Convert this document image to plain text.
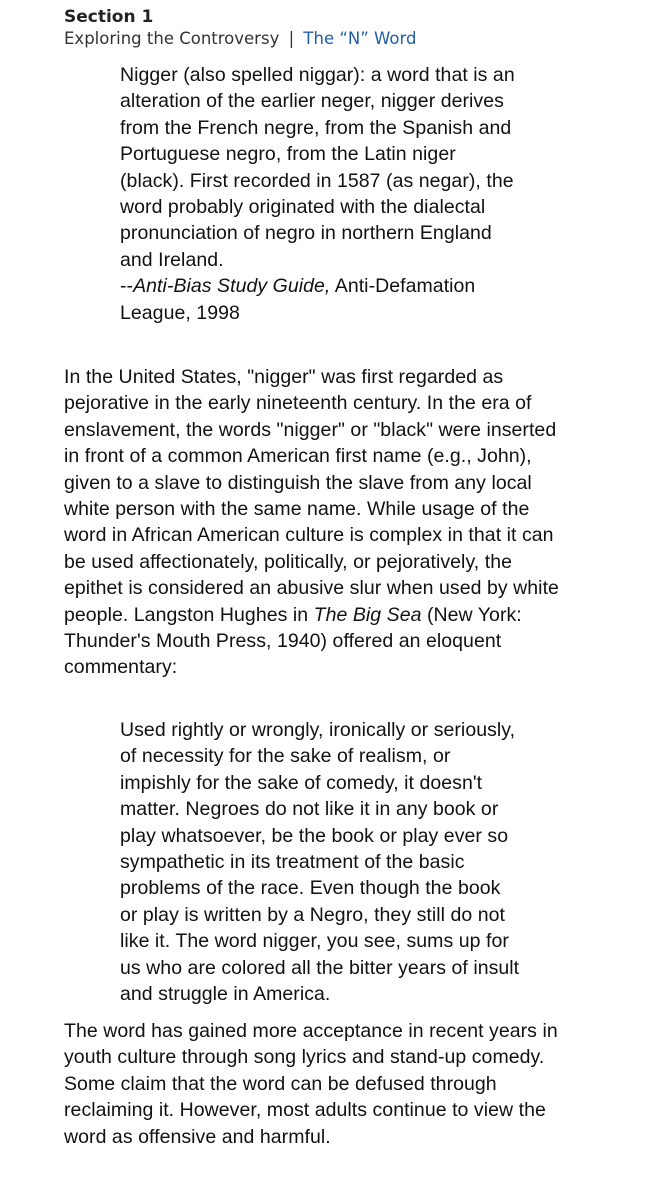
Section 1
Exploring the Controversy | The “N” Word
Nigger (also spelled niggar): a word that is an
alteration of the earlier neger, nigger derives
from the French negre, from the Spanish and
Portuguese negro, from the Latin niger
(black). First recorded in 1587 (as negar), the
word probably originated with the dialectal
pronunciation of negro in northern England
and Ireland.
--Anti-Bias Study Guide, Anti-Defamation
League, 1998
In the United States, "nigger" was first regarded as
pejorative in the early nineteenth century. In the era of
enslavement, the words "nigger" or "black" were inserted
in front of a common American first name (e.g., John),
given to a slave to distinguish the slave from any local
white person with the same name. While usage of the
word in African American culture is complex in that it can
be used affectionately, politically, or pejoratively, the
epithet is considered an abusive slur when used by white
people. Langston Hughes in The Big Sea (New York:
Thunder's Mouth Press, 1940) offered an eloquent
commentary:
Used rightly or wrongly, ironically or seriously,
of necessity for the sake of realism, or
impishly for the sake of comedy, it doesn't
matter. Negroes do not like it in any book or
play whatsoever, be the book or play ever so
sympathetic in its treatment of the basic
problems of the race. Even though the book
or play is written by a Negro, they still do not
like it. The word nigger, you see, sums up for
us who are colored all the bitter years of insult
and struggle in America.
The word has gained more acceptance in recent years in
youth culture through song lyrics and stand-up comedy.
Some claim that the word can be defused through
reclaiming it. However, most adults continue to view the
word as offensive and harmful.
